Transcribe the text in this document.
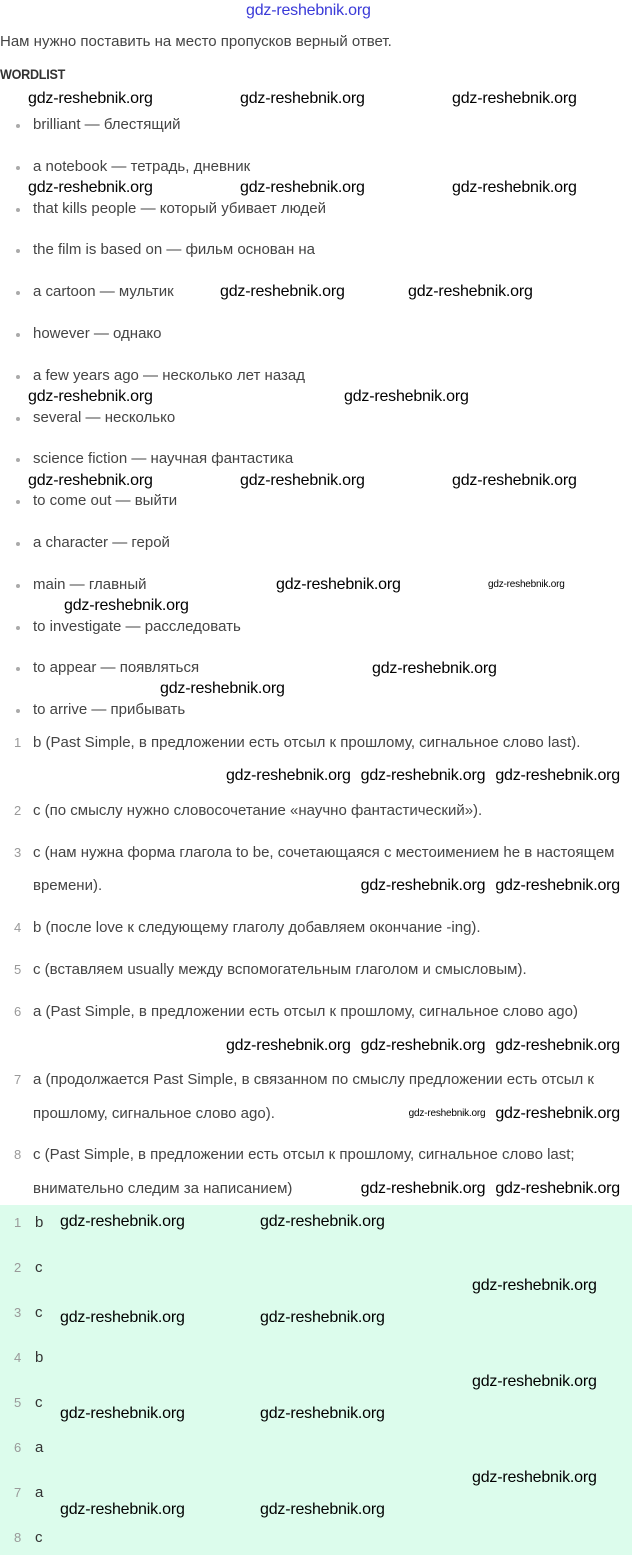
gdz-reshebnik.org
Нам нужно поставить на место пропусков верный ответ.
WORDLIST
brilliant — блестящий
a notebook — тетрадь, дневник
that kills people — который убивает людей
the film is based on — фильм основан на
a cartoon — мультик
however — однако
a few years ago — несколько лет назад
several — несколько
science fiction — научная фантастика
to come out — выйти
a character — герой
main — главный
to investigate — расследовать
to appear — появляться
to arrive — прибывать
1 b (Past Simple, в предложении есть отсыл к прошлому, сигнальное слово last).
gdz-reshebnik.org
gdz-reshebnik.org
gdz-reshebnik.org
2 c (по смыслу нужно словосочетание «научно фантастический»).
3 c (нам нужна форма глагола to be, сочетающаяся с местоимением he в настоящем времени).	gdz-reshebnik.org
gdz-reshebnik.org
4 b (после love к следующему глаголу добавляем окончание -ing).
5 c (вставляем usually между вспомогательным глаголом и смысловым).
6 a (Past Simple, в предложении есть отсыл к прошлому, сигнальное слово ago)
gdz-reshebnik.org
gdz-reshebnik.org
gdz-reshebnik.org
7 a (продолжается Past Simple, в связанном по смыслу предложении есть отсыл к прошлому, сигнальное слово ago).	gdz-reshebnik.org
gdz-reshebnik.org
8 c (Past Simple, в предложении есть отсыл к прошлому, сигнальное слово last; внимательно следим за написанием)	gdz-reshebnik.org
gdz-reshebnik.org
1 b
2 c
3 c
4 b
5 c
6 a
7 a
8 c
gdz-reshebnik.org	gdz-reshebnik.org
gdz-reshebnik.org
gdz-reshebnik.org	gdz-reshebnik.org
gdz-reshebnik.org
gdz-reshebnik.org	gdz-reshebnik.org
gdz-reshebnik.org
gdz-reshebnik.org	gdz-reshebnik.org
gdz-reshebnik.org	gdz-reshebnik.org	gdz-reshebnik.org
gdz-reshebnik.org	gdz-reshebnik.org	gdz-reshebnik.org
gdz-reshebnik.org	gdz-reshebnik.org
gdz-reshebnik.org	gdz-reshebnik.org
gdz-reshebnik.org	gdz-reshebnik.org	gdz-reshebnik.org
gdz-reshebnik.org	gdz-reshebnik.org
gdz-reshebnik.org
gdz-reshebnik.org
gdz-reshebnik.org
